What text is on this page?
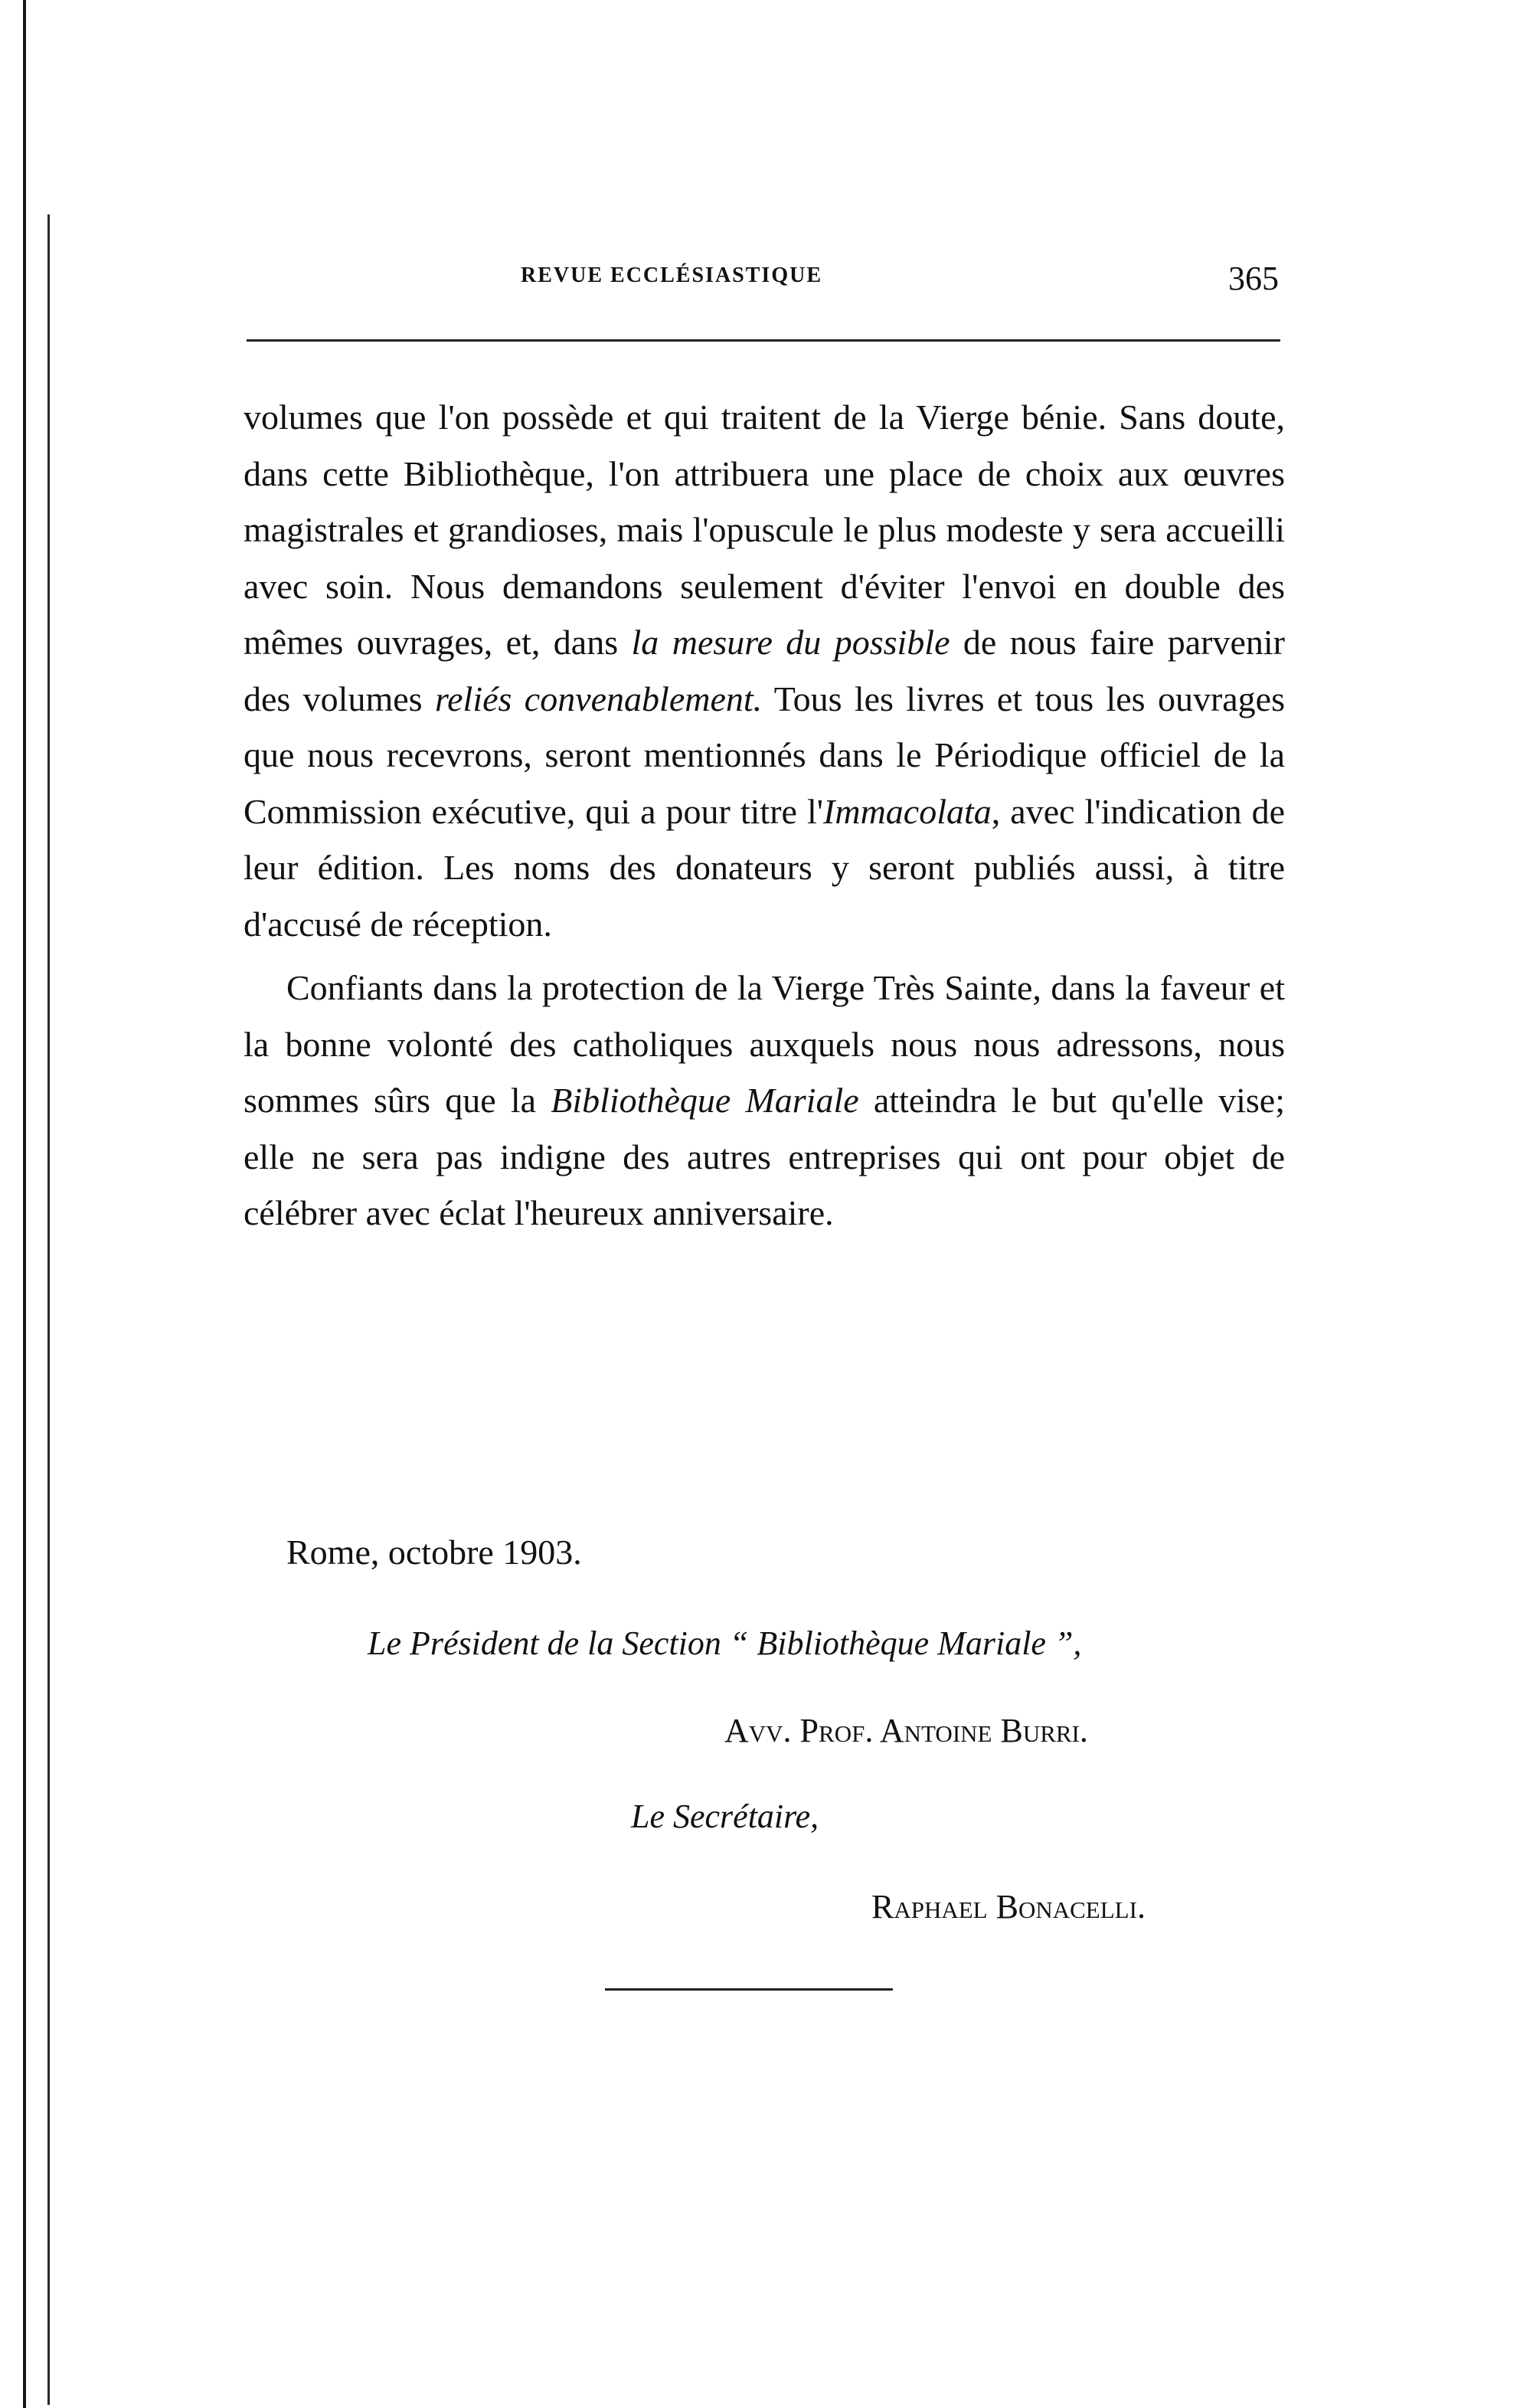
REVUE ECCLÉSIASTIQUE	365

volumes que l'on possède et qui traitent de la Vierge bénie. Sans doute, dans cette Bibliothèque, l'on attribuera une place de choix aux œuvres magistrales et grandioses, mais l'opuscule le plus modeste y sera accueilli avec soin. Nous demandons seulement d'éviter l'envoi en double des mêmes ouvrages, et, dans la mesure du possible de nous faire parvenir des volumes reliés convenablement. Tous les livres et tous les ouvrages que nous recevrons, seront mentionnés dans le Périodique officiel de la Commission exécutive, qui a pour titre l'Immacolata, avec l'indication de leur édition. Les noms des donateurs y seront publiés aussi, à titre d'accusé de réception.

Confiants dans la protection de la Vierge Très Sainte, dans la faveur et la bonne volonté des catholiques auxquels nous nous adressons, nous sommes sûrs que la Bibliothèque Mariale atteindra le but qu'elle vise; elle ne sera pas indigne des autres entreprises qui ont pour objet de célébrer avec éclat l'heureux anniversaire.

Rome, octobre 1903.
Le Président de la Section “ Bibliothèque Mariale ”,
Avv. Prof. Antoine Burri.
Le Secrétaire,
Raphael Bonacelli.
